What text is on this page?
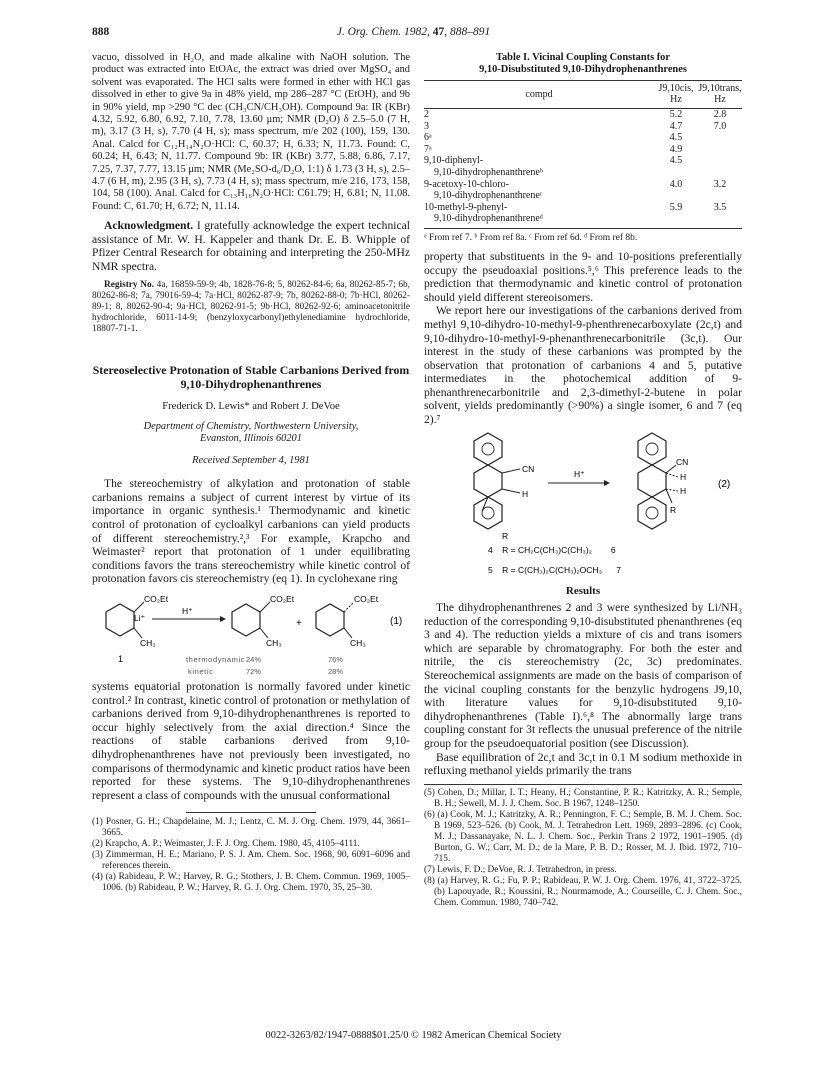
888	J. Org. Chem. 1982, 47, 888–891

vacuo, dissolved in H₂O, and made alkaline with NaOH solution. The product was extracted into EtOAc, the extract was dried over MgSO₄ and solvent was evaporated. The HCl salts were formed in ether with HCl gas dissolved in ether to give 9a in 48% yield, mp 286–287 °C (EtOH), and 9b in 90% yield, mp >290 °C dec (CH₃CN/CH₃OH). Compound 9a: IR (KBr) 4.32, 5.92, 6.80, 6.92, 7.10, 7.78, 13.60 μm; NMR (D₂O) δ 2.5–5.0 (7 H, m), 3.17 (3 H, s), 7.70 (4 H, s); mass spectrum, m/e 202 (100), 159, 130. Anal. Calcd for C₁₂H₁₄N₂O·HCl: C, 60.37; H, 6.33; N, 11.73. Found: C, 60.24; H, 6.43; N, 11.77. Compound 9b: IR (KBr) 3.77, 5.88, 6.86, 7.17, 7.25, 7.37, 7.77, 13.15 μm; NMR (Me₂SO-d₆/D₂O, 1:1) δ 1.73 (3 H, s), 2.5–4.7 (6 H, m), 2.95 (3 H, s), 7.73 (4 H, s); mass spectrum, m/e 216, 173, 158, 104, 58 (100). Anal. Calcd for C₁₃H₁₆N₂O·HCl: C61.79; H, 6.81; N, 11.08. Found: C, 61.70; H, 6.72; N, 11.14.

Acknowledgment. I gratefully acknowledge the expert technical assistance of Mr. W. H. Kappeler and thank Dr. E. B. Whipple of Pfizer Central Research for obtaining and interpreting the 250-MHz NMR spectra.

Registry No. 4a, 16859-59-9; 4b, 1828-76-8; 5, 80262-84-6; 6a, 80262-85-7; 6b, 80262-86-8; 7a, 79016-59-4; 7a·HCl, 80262-87-9; 7b, 80262-88-0; 7b·HCl, 80262-89-1; 8, 80262-90-4; 9a·HCl, 80262-91-5; 9b·HCl, 80262-92-6; aminoacetonitrile hydrochloride, 6011-14-9; (benzyloxycarbonyl)ethylenediamine hydrochloride, 18807-71-1.

Stereoselective Protonation of Stable Carbanions Derived from 9,10-Dihydrophenanthrenes
Frederick D. Lewis* and Robert J. DeVoe
Department of Chemistry, Northwestern University,
Evanston, Illinois 60201
Received September 4, 1981

The stereochemistry of alkylation and protonation of stable carbanions remains a subject of current interest by virtue of its importance in organic synthesis.¹ Thermodynamic and kinetic control of protonation of cycloalkyl carbanions can yield products of different stereochemistry.²,³ For example, Krapcho and Weimaster² report that protonation of 1 under equilibrating conditions favors the trans stereochemistry while kinetic control of protonation favors cis stereochemistry (eq 1). In cyclohexane ring

CO₂Et
Li⁺
CH₃
H⁺
CO₂Et
CH₃
+
CO₂Et
CH₃
(1)
1	thermodynamic 24%	76%
kinetic	72%	28%

systems equatorial protonation is normally favored under kinetic control.² In contrast, kinetic control of protonation or methylation of carbanions derived from 9,10-dihydrophenanthrenes is reported to occur highly selectively from the axial direction.⁴ Since the reactions of stable carbanions derived from 9,10-dihydrophenanthrenes have not previously been investigated, no comparisons of thermodynamic and kinetic product ratios have been reported for these systems. The 9,10-dihydrophenanthrenes represent a class of compounds with the unusual conformational

(1) Posner, G. H.; Chapdelaine, M. J.; Lentz, C. M. J. Org. Chem. 1979, 44, 3661–3665.

(2) Krapcho, A. P.; Weimaster, J. F. J. Org. Chem. 1980, 45, 4105–4111.

(3) Zimmerman, H. E.; Mariano, P. S. J. Am. Chem. Soc. 1968, 90, 6091–6096 and references therein.

(4) (a) Rabideau, P. W.; Harvey, R. G.; Stothers, J. B. Chem. Commun. 1969, 1005–1006. (b) Rabideau, P. W.; Harvey, R. G. J. Org. Chem. 1970, 35, 25–30.

Table I. Vicinal Coupling Constants for
9,10-Disubstituted 9,10-Dihydrophenanthrenes
compd	J9,10cis, Hz	J9,10trans, Hz
2	5.2	2.8
3	4.7	7.0
6ᵃ	4.5	
7ᵃ	4.9	
9,10-diphenyl-	4.5	
9,10-dihydrophenanthreneᵇ		
9-acetoxy-10-chloro-	4.0	3.2
9,10-dihydrophenanthreneᶜ		
10-methyl-9-phenyl-	5.9	3.5
9,10-dihydrophenanthreneᵈ		

ᵃ From ref 7. ᵇ From ref 8a. ᶜ From ref 6d. ᵈ From ref 8b.

property that substituents in the 9- and 10-positions preferentially occupy the pseudoaxial positions.⁵,⁶ This preference leads to the prediction that thermodynamic and kinetic control of protonation should yield different stereoisomers.

We report here our investigations of the carbanions derived from methyl 9,10-dihydro-10-methyl-9-phenthrenecarboxylate (2c,t) and 9,10-dihydro-10-methyl-9-phenanthrenecarbonitrile (3c,t). Our interest in the study of these carbanions was prompted by the observation that protonation of carbanions 4 and 5, putative intermediates in the photochemical addition of 9-phenanthrenecarbonitrile and 2,3-dimethyl-2-butene in polar solvent, yields predominantly (>90%) a single isomer, 6 and 7 (eq 2).⁷

CN
H
R
H⁺
CN
H
H
R
(2)
4    R = CH₂C(CH₃)C(CH₃)₂        6
5    R = C(CH₃)₂C(CH₃)₂OCH₃      7
Results

The dihydrophenanthrenes 2 and 3 were synthesized by Li/NH₃ reduction of the corresponding 9,10-disubstituted phenanthrenes (eq 3 and 4). The reduction yields a mixture of cis and trans isomers which are separable by chromatography. For both the ester and nitrile, the cis stereochemistry (2c, 3c) predominates. Stereochemical assignments are made on the basis of comparison of the vicinal coupling constants for the benzylic hydrogens J9,10, with literature values for 9,10-disubstituted 9,10-dihydrophenanthrenes (Table I).⁶,⁸ The abnormally large trans coupling constant for 3t reflects the unusual preference of the nitrile group for the pseudoequatorial position (see Discussion).

Base equilibration of 2c,t and 3c,t in 0.1 M sodium methoxide in refluxing methanol yields primarily the trans

(5) Cohen, D.; Millar, I. T.; Heany, H.; Constantine, P. R.; Katritzky, A. R.; Semple, B. H.; Sewell, M. J. J. Chem. Soc. B 1967, 1248–1250.

(6) (a) Cook, M. J.; Katritzky, A. R.; Pennington, F. C.; Semple, B. M. J. Chem. Soc. B 1969, 523–526. (b) Cook, M. J. Tetrahedron Lett. 1969, 2893–2896. (c) Cook, M. J.; Dassanayake, N. L. J. Chem. Soc., Perkin Trans 2 1972, 1901–1905. (d) Burton, G. W.; Carr, M. D.; de la Mare, P. B. D.; Rosser, M. J. Ibid. 1972, 710–715.

(7) Lewis, F. D.; DeVoe, R. J. Tetrahedron, in press.

(8) (a) Harvey, R. G.; Fu, P. P.; Rabideau, P. W. J. Org. Chem. 1976, 41, 3722–3725. (b) Lapouyade, R.; Koussini, R.; Nourmamode, A.; Courseille, C. J. Chem. Soc., Chem. Commun. 1980, 740–742.

0022-3263/82/1947-0888$01.25/0 © 1982 American Chemical Society
